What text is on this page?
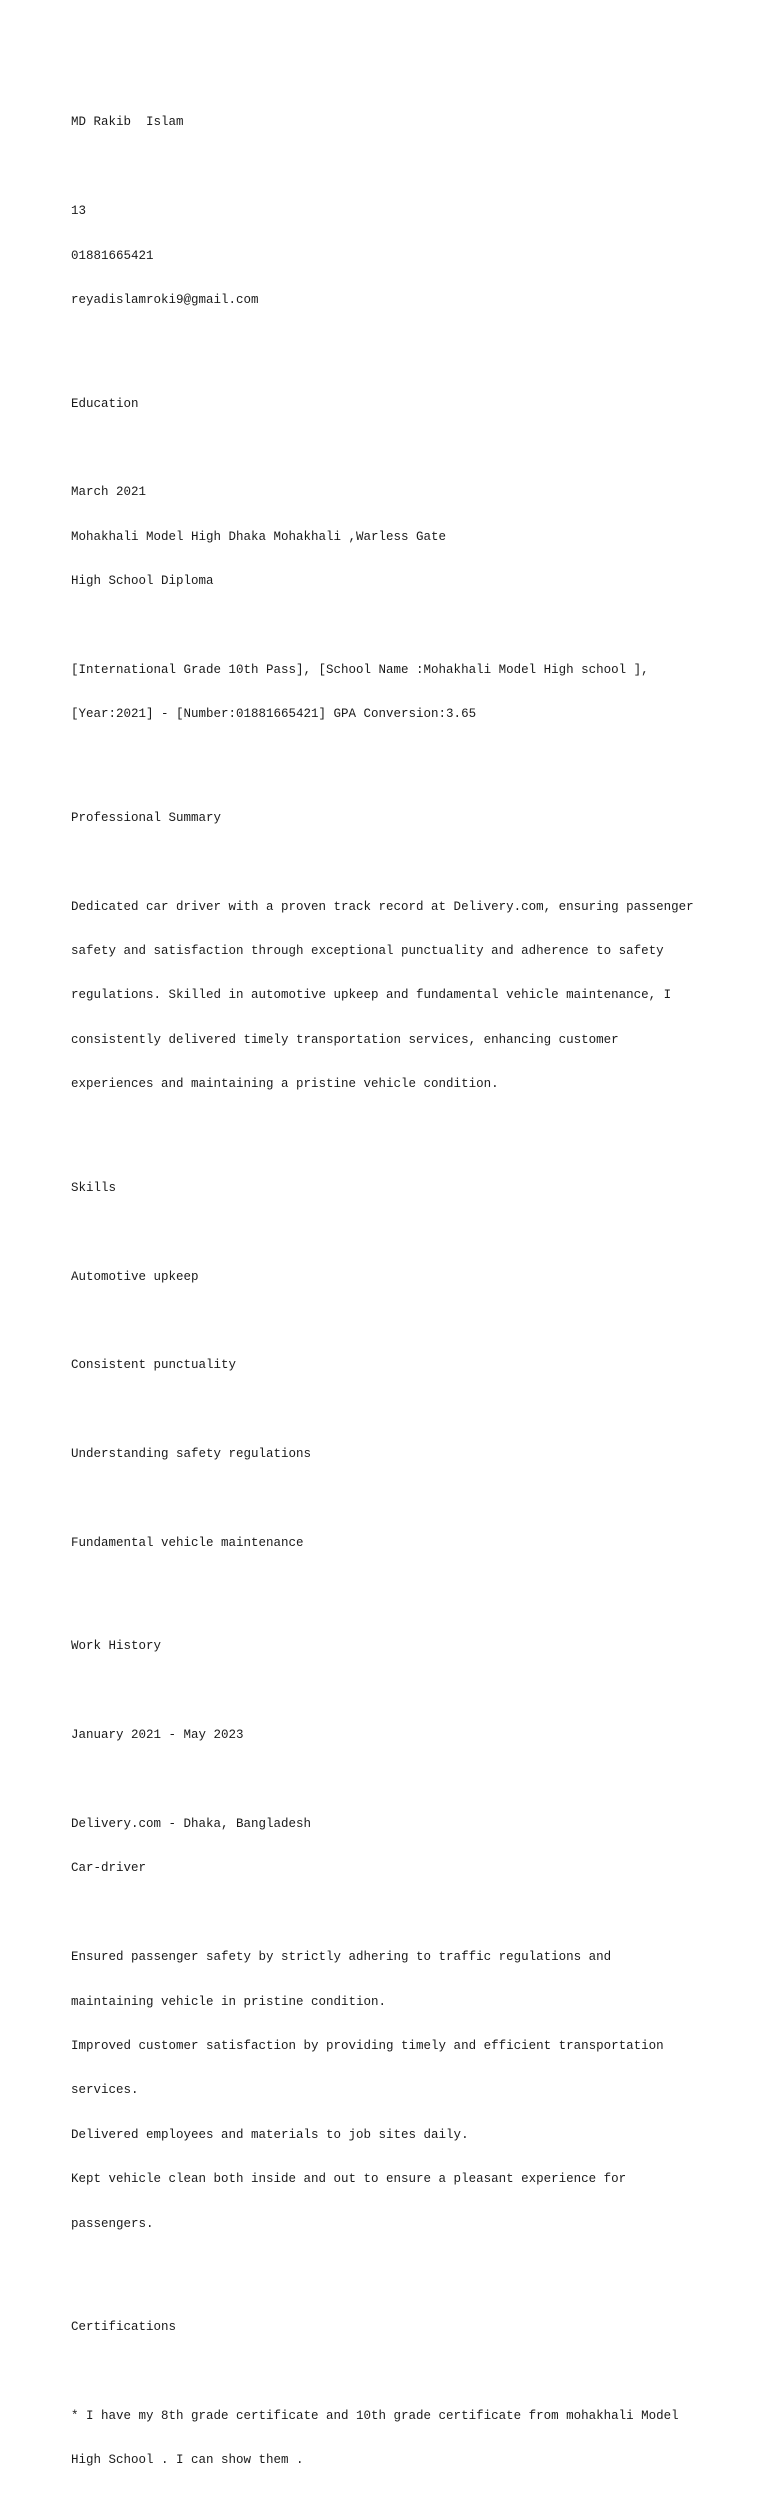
MD Rakib  Islam

13

01881665421

reyadislamroki9@gmail.com

Education

March 2021

Mohakhali Model High Dhaka Mohakhali ,Warless Gate

High School Diploma

[International Grade 10th Pass], [School Name :Mohakhali Model High school ],

[Year:2021] - [Number:01881665421] GPA Conversion:3.65

Professional Summary

Dedicated car driver with a proven track record at Delivery.com, ensuring passenger

safety and satisfaction through exceptional punctuality and adherence to safety

regulations. Skilled in automotive upkeep and fundamental vehicle maintenance, I

consistently delivered timely transportation services, enhancing customer

experiences and maintaining a pristine vehicle condition.

Skills

Automotive upkeep

Consistent punctuality

Understanding safety regulations

Fundamental vehicle maintenance

Work History

January 2021 - May 2023

Delivery.com - Dhaka, Bangladesh

Car-driver

Ensured passenger safety by strictly adhering to traffic regulations and

maintaining vehicle in pristine condition.

Improved customer satisfaction by providing timely and efficient transportation

services.

Delivered employees and materials to job sites daily.

Kept vehicle clean both inside and out to ensure a pleasant experience for

passengers.

Certifications

* I have my 8th grade certificate and 10th grade certificate from mohakhali Model

High School . I can show them .
